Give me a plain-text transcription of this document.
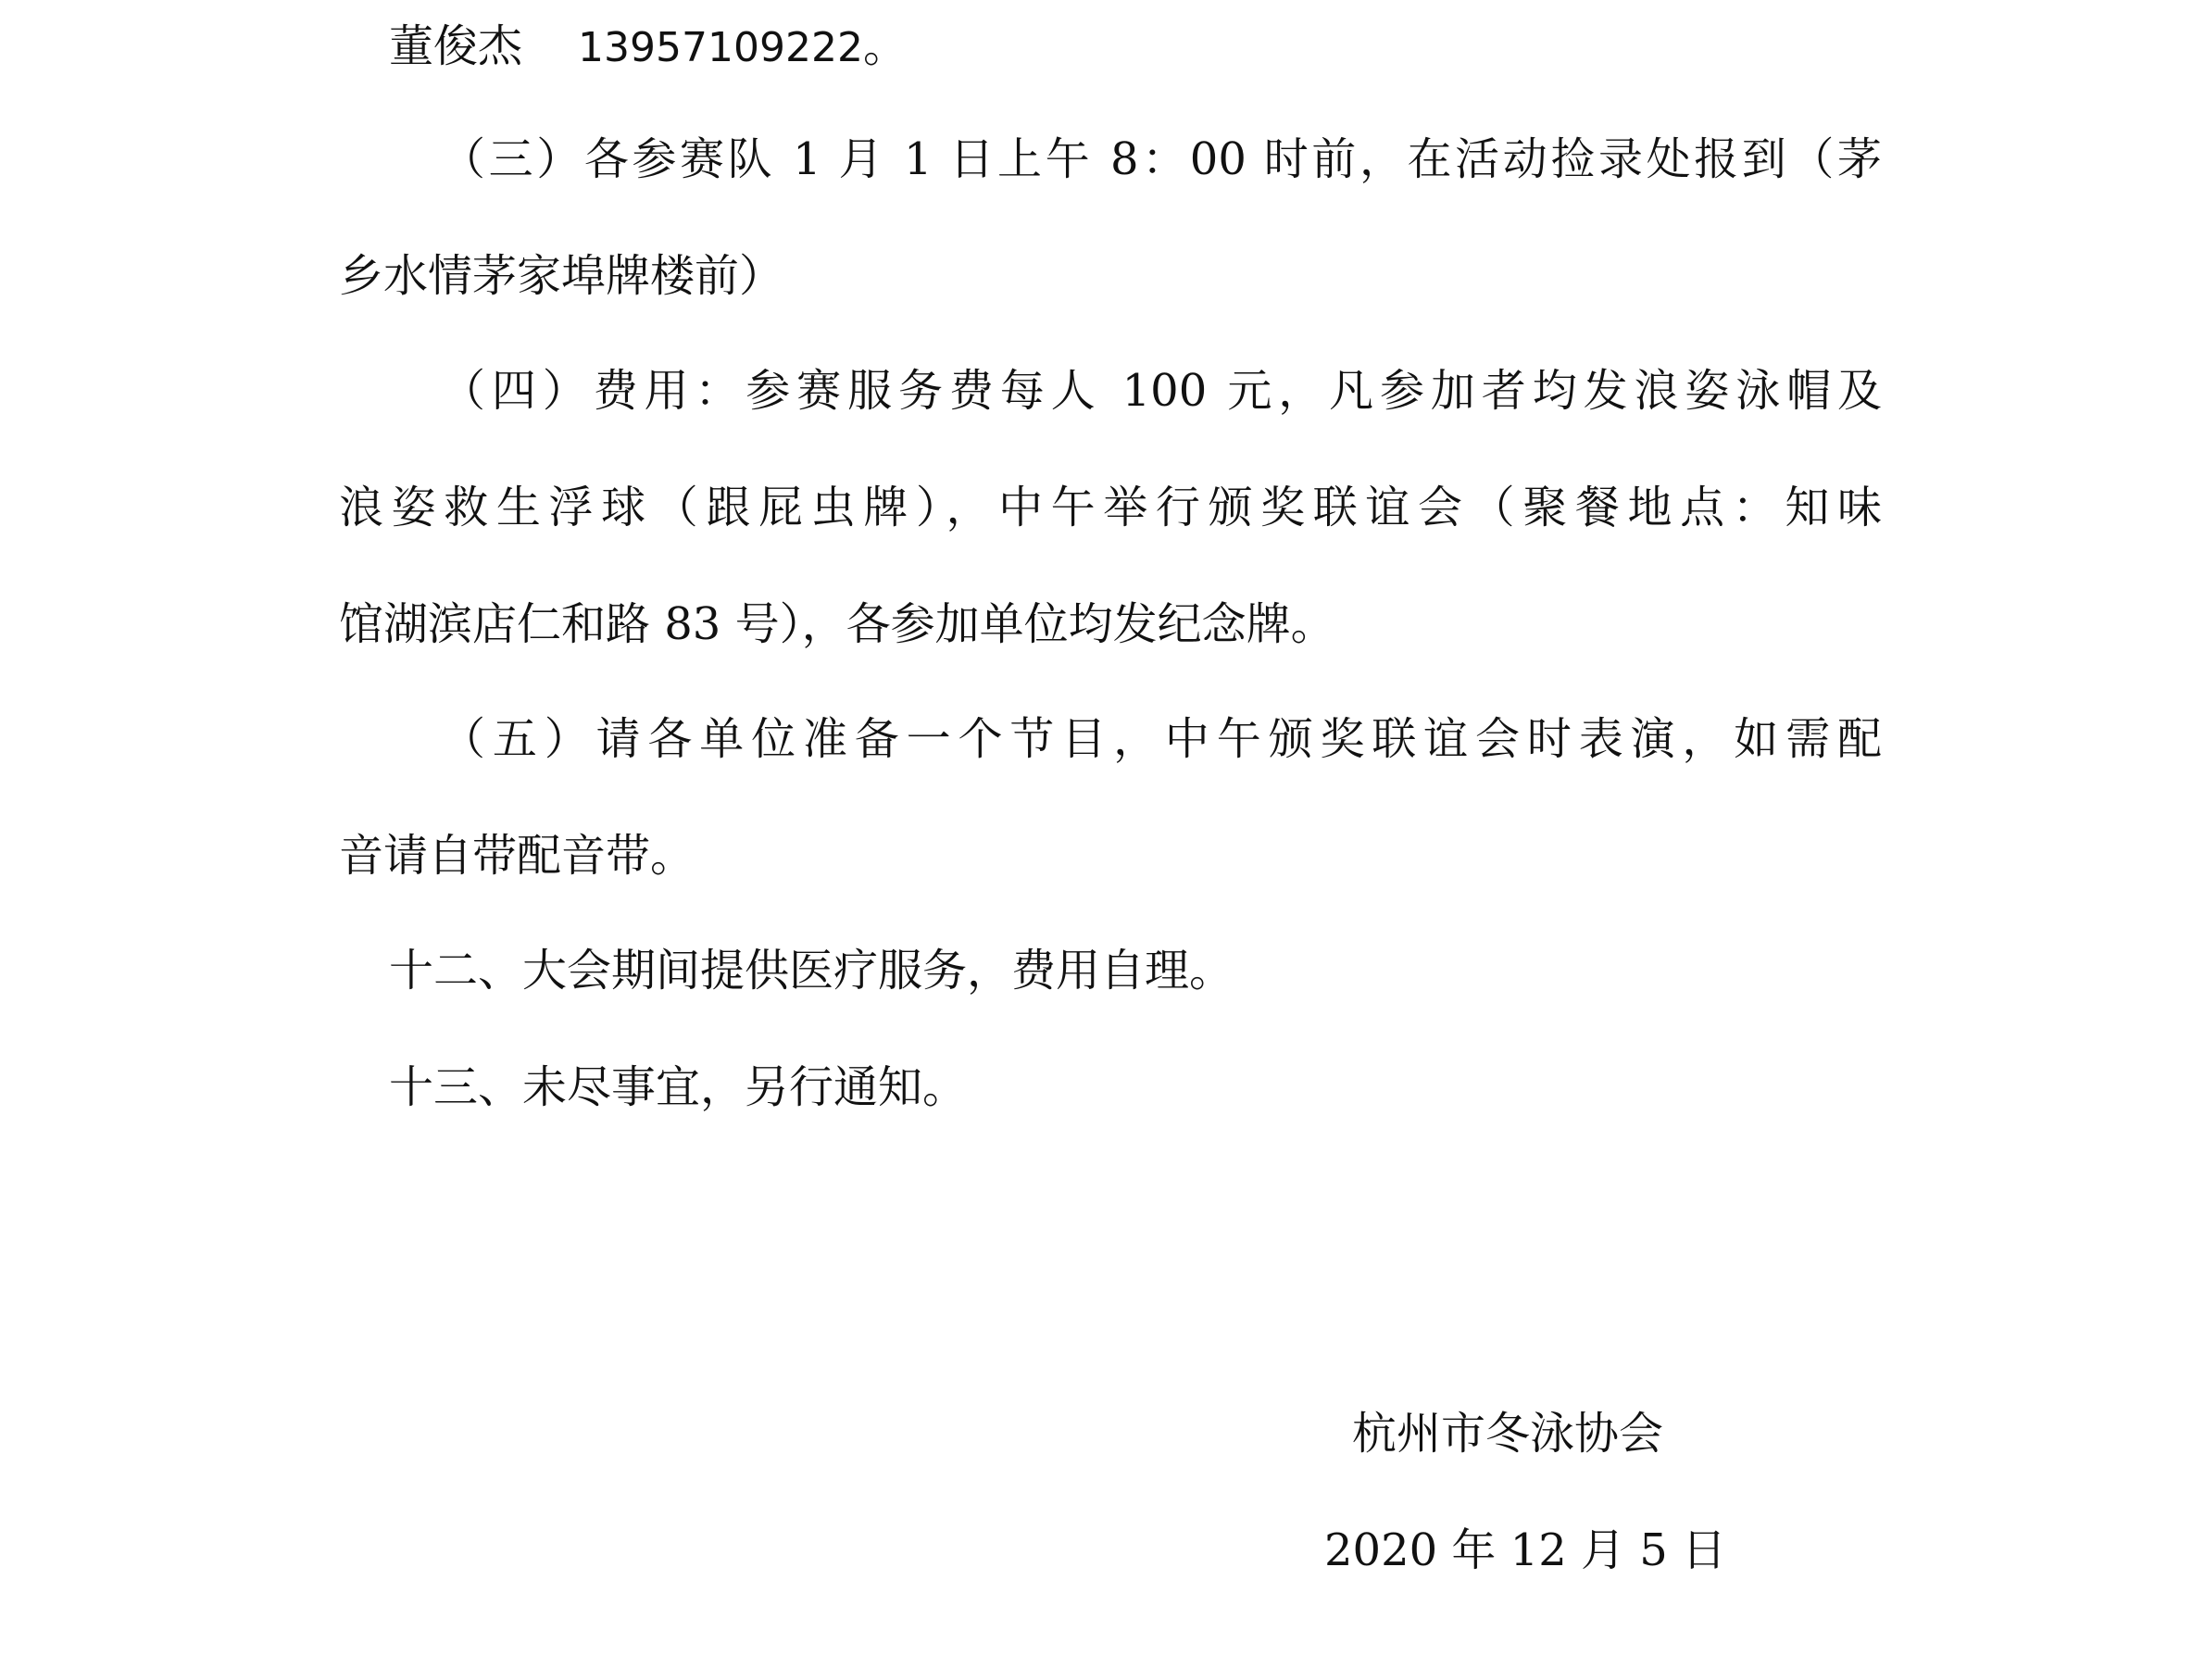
董俊杰 13957109222。
（三）各参赛队 1 月 1 日上午 8：00 时前，在活动捡录处报到（茅
乡水情茅家埠牌楼前）
（四）费用：参赛服务费每人 100 元，凡参加者均发浪姿泳帽及
浪姿救生浮球（跟屁虫牌），中午举行颁奖联谊会（聚餐地点：知味
馆湖滨店仁和路 83 号），各参加单位均发纪念牌。
（五）请各单位准备一个节目，中午颁奖联谊会时表演，如需配
音请自带配音带。
十二、大会期间提供医疗服务，费用自理。
十三、未尽事宜，另行通知。
杭州市冬泳协会
2020 年 12 月 5 日
